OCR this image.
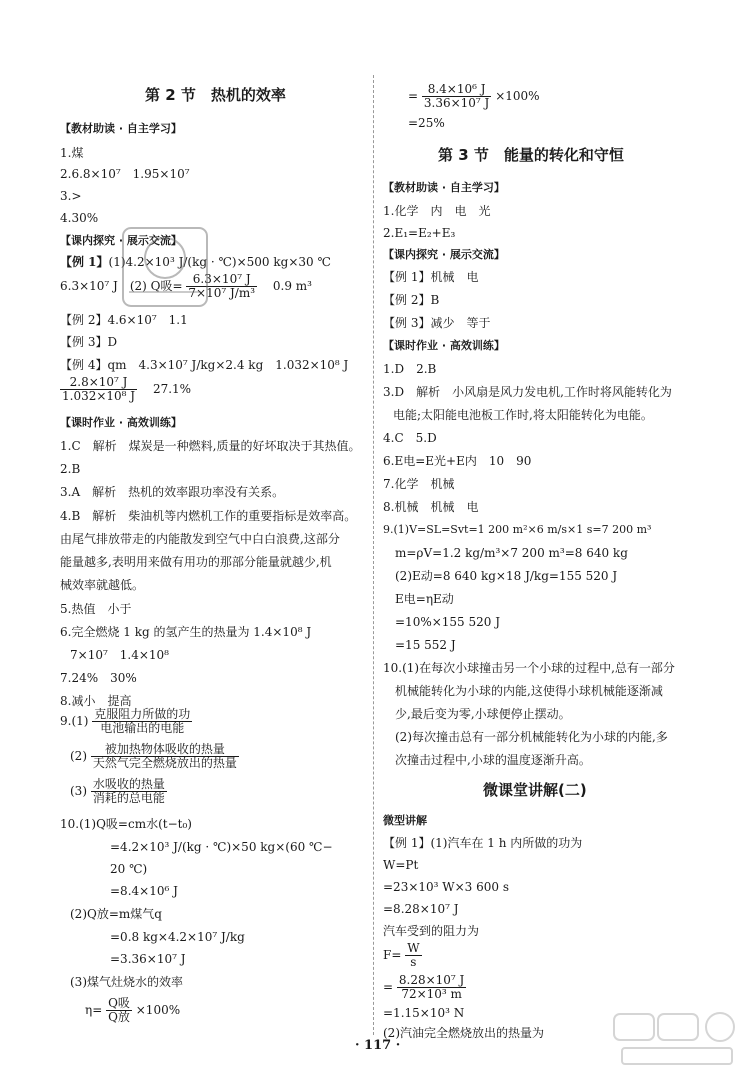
第 2 节　热机的效率
【教材助读 · 自主学习】
1.煤
2.6.8×10⁷　1.95×10⁷
3.>
4.30%
【课内探究 · 展示交流】
【例 1】(1)4.2×10³ J/(kg · ℃)×500 kg×30 ℃
6.3×10⁷ J　(2) Q吸= $\frac{\text{6.3×10⁷ J}}{\text{7×10⁷ J/m³}}$ 　0.9 m³
【例 2】4.6×10⁷　1.1
【例 3】D
【例 4】qm　4.3×10⁷ J/kg×2.4 kg　1.032×10⁸ J
$\frac{\text{2.8×10⁷ J}}{\text{1.032×10⁸ J}}$ 　27.1%
【课时作业 · 高效训练】
1.C　解析　煤炭是一种燃料,质量的好坏取决于其热值。
2.B
3.A　解析　热机的效率跟功率没有关系。
4.B　解析　柴油机等内燃机工作的重要指标是效率高。
由尾气排放带走的内能散发到空气中白白浪费,这部分
能量越多,表明用来做有用功的那部分能量就越少,机
械效率就越低。
5.热值　小于
6.完全燃烧 1 kg 的氢产生的热量为 1.4×10⁸ J
7×10⁷　1.4×10⁸
7.24%　30%
8.减小　提高
$9.(1) \frac{\text{克服阻力所做的功}}{\text{电池输出的电能}}$
$(2) \frac{\text{被加热物体吸收的热量}}{\text{天然气完全燃烧放出的热量}}$
$(3) \frac{\text{水吸收的热量}}{\text{消耗的总电能}}$
10.(1)Q吸=cm水(t−t₀)
=4.2×10³ J/(kg · ℃)×50 kg×(60 ℃−
20 ℃)
=8.4×10⁶ J
(2)Q放=m煤气q
=0.8 kg×4.2×10⁷ J/kg
=3.36×10⁷ J
(3)煤气灶烧水的效率
$\eta= \frac{\text{Q吸}}{\text{Q放}} \times 100\%$
= $\frac{\text{8.4×10⁶ J}}{\text{3.36×10⁷ J}} \times 100\%$
=25%
第 3 节　能量的转化和守恒
【教材助读 · 自主学习】
1.化学　内　电　光
2.E₁=E₂+E₃
【课内探究 · 展示交流】
【例 1】机械　电
【例 2】B
【例 3】减少　等于
【课时作业 · 高效训练】
1.D　2.B
3.D　解析　小风扇是风力发电机,工作时将风能转化为
电能;太阳能电池板工作时,将太阳能转化为电能。
4.C　5.D
6.E电=E光+E内　10　90
7.化学　机械
8.机械　机械　电
9.(1)V=SL=Svt=1 200 m²×6 m/s×1 s=7 200 m³
m=ρV=1.2 kg/m³×7 200 m³=8 640 kg
(2)E动=8 640 kg×18 J/kg=155 520 J
E电=ηE动
=10%×155 520 J
=15 552 J
10.(1)在每次小球撞击另一个小球的过程中,总有一部分
机械能转化为小球的内能,这使得小球机械能逐渐减
少,最后变为零,小球便停止摆动。
(2)每次撞击总有一部分机械能转化为小球的内能,多
次撞击过程中,小球的温度逐渐升高。
微课堂讲解(二)
微型讲解
【例 1】(1)汽车在 1 h 内所做的功为
W=Pt
=23×10³ W×3 600 s
=8.28×10⁷ J
汽车受到的阻力为
$F= \frac{W}{s}$
= $\frac{\text{8.28×10⁷ J}}{\text{72×10³ m}}$
=1.15×10³ N
(2)汽油完全燃烧放出的热量为
· 117 ·
